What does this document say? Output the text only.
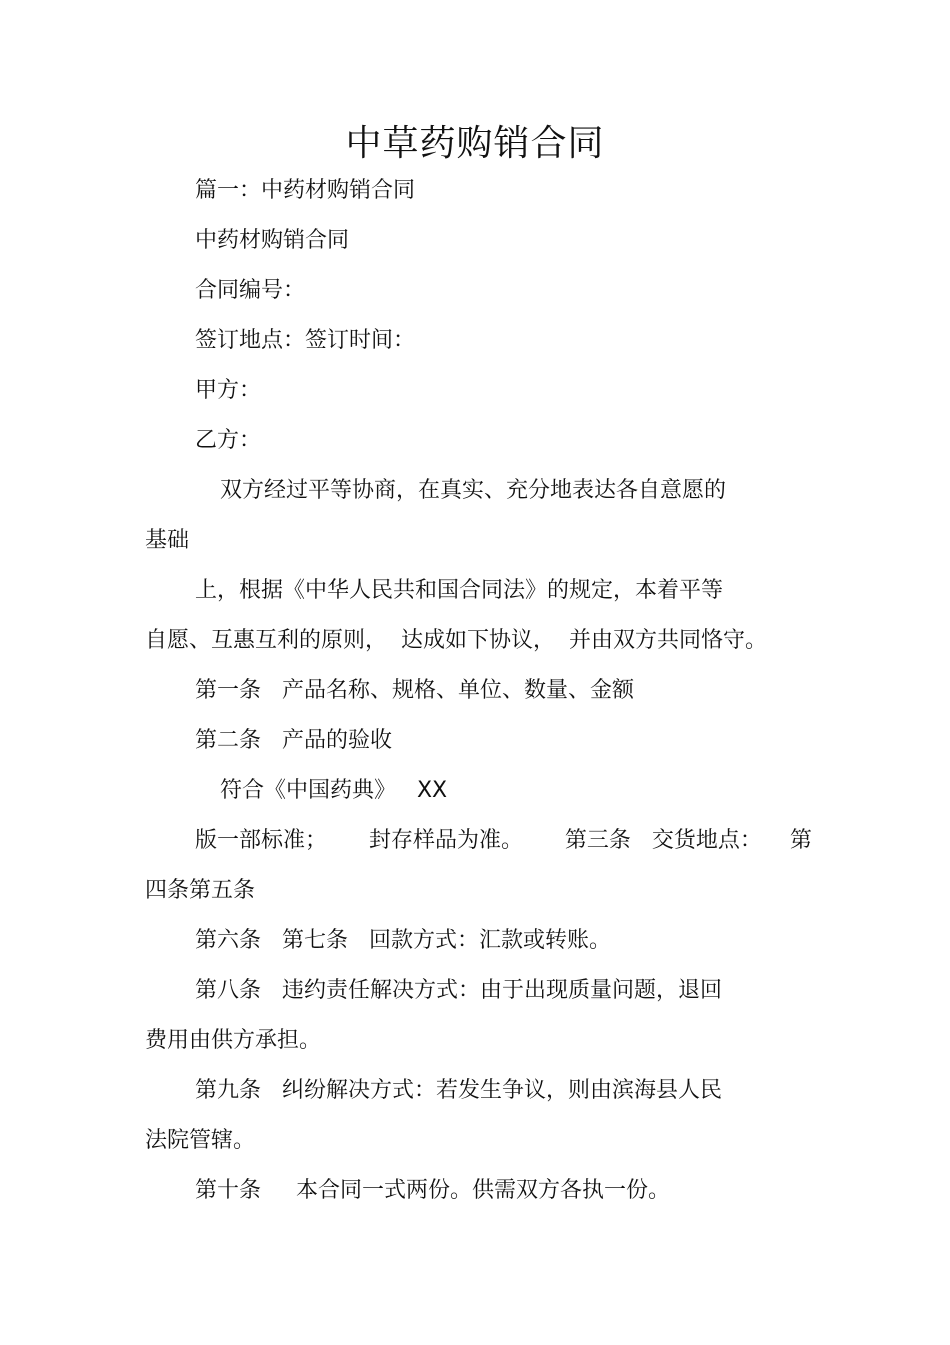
中草药购销合同
篇一：中药材购销合同
中药材购销合同
合同编号：
签订地点：签订时间：
甲方：
乙方：
双方经过平等协商，在真实、充分地表达各自意愿的
基础
上，根据《中华人民共和国合同法》的规定，本着平等
自愿、互惠互利的原则，  达成如下协议，  并由双方共同恪守。
第一条   产品名称、规格、单位、数量、金额
第二条   产品的验收
符合《中国药典》   XX
版一部标准；      封存样品为准。      第三条   交货地点：    第
四条第五条
第六条   第七条   回款方式：汇款或转账。
第八条   违约责任解决方式：由于出现质量问题，退回
费用由供方承担。
第九条   纠纷解决方式：若发生争议，则由滨海县人民
法院管辖。
第十条     本合同一式两份。供需双方各执一份。
